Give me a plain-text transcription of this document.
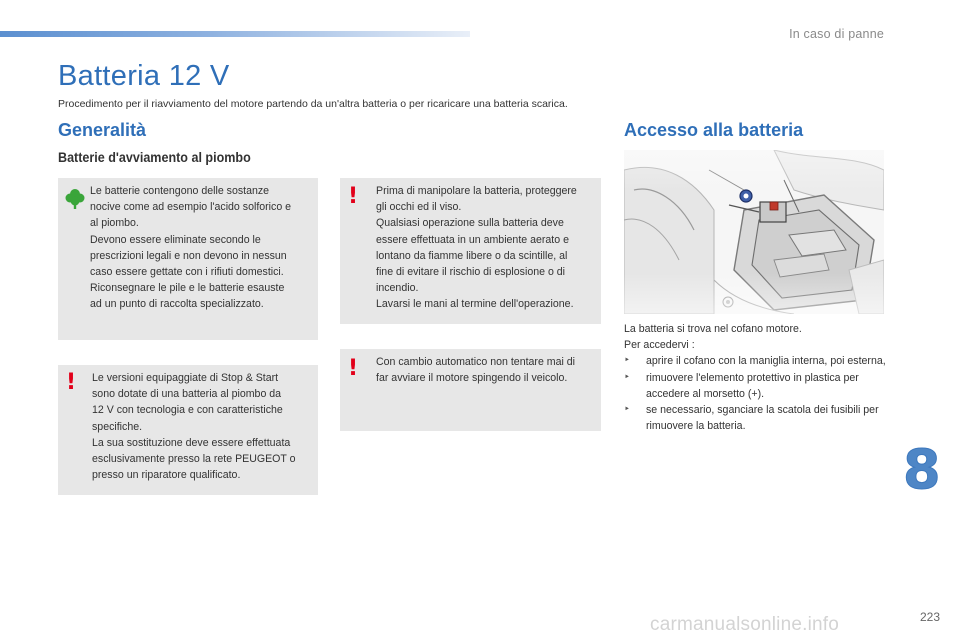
In caso di panne
Batteria 12 V

Procedimento per il riavviamento del motore partendo da un'altra batteria o per ricaricare una batteria scarica.

Generalità
Batterie d'avviamento al piombo

Le batterie contengono delle sostanze
nocive come ad esempio l'acido solforico e
al piombo.
Devono essere eliminate secondo le
prescrizioni legali e non devono in nessun
caso essere gettate con i rifiuti domestici.
Riconsegnare le pile e le batterie esauste
ad un punto di raccolta specializzato.

! Prima di manipolare la batteria, proteggere
gli occhi ed il viso.
Qualsiasi operazione sulla batteria deve
essere effettuata in un ambiente aerato e
lontano da fiamme libere o da scintille, al
fine di evitare il rischio di esplosione o di
incendio.
Lavarsi le mani al termine dell'operazione.

! Le versioni equipaggiate di Stop & Start
sono dotate di una batteria al piombo da
12 V con tecnologia e con caratteristiche
specifiche.
La sua sostituzione deve essere effettuata
esclusivamente presso la rete PEUGEOT o
presso un riparatore qualificato.

! Con cambio automatico non tentare mai di
far avviare il motore spingendo il veicolo.

Accesso alla batteria
La batteria si trova nel cofano motore.
Per accedervi :
‣ aprire il cofano con la maniglia interna, poi esterna,
‣ rimuovere l'elemento protettivo in plastica per accedere al morsetto (+).
‣ se necessario, sganciare la scatola dei fusibili per rimuovere la batteria.
8
223
carmanualsonline.info
